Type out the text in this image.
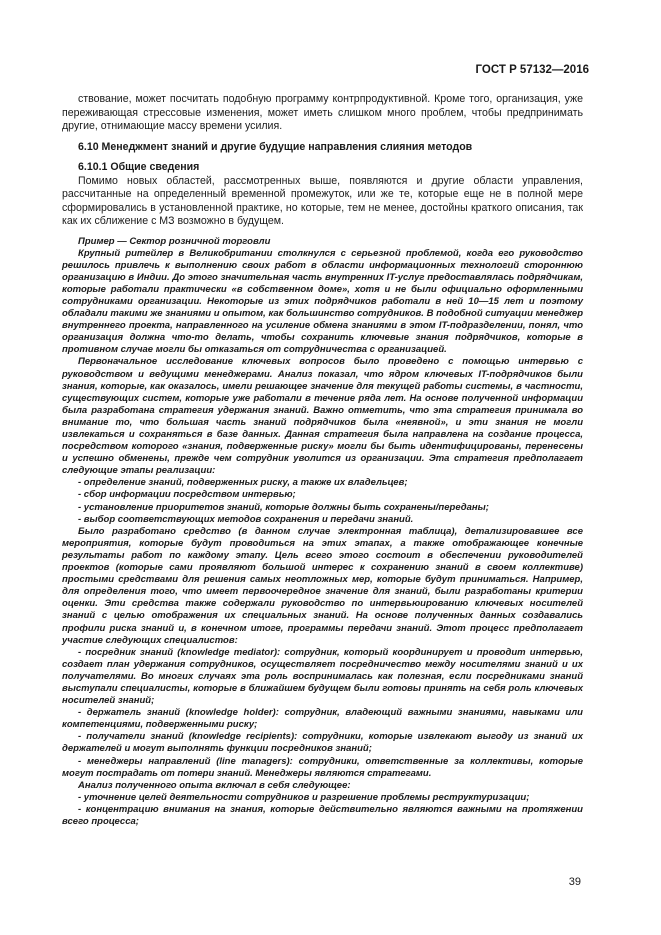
ГОСТ Р 57132—2016

ствование, может посчитать подобную программу контрпродуктивной. Кроме того, организация, уже переживающая стрессовые изменения, может иметь слишком много проблем, чтобы предпринимать другие, отнимающие массу времени усилия.

6.10 Менеджмент знаний и другие будущие направления слияния методов

6.10.1 Общие сведения

Помимо новых областей, рассмотренных выше, появляются и другие области управления, рассчитанные на определенный временной промежуток, или же те, которые еще не в полной мере сформировались в установленной практике, но которые, тем не менее, достойны краткого описания, так как их сближение с МЗ возможно в будущем.

Пример — Сектор розничной торговли

Крупный ритейлер в Великобритании столкнулся с серьезной проблемой, когда его руководство решилось привлечь к выполнению своих работ в области информационных технологий стороннюю организацию в Индии. До этого значительная часть внутренних IT-услуг предоставлялась подрядчикам, которые работали практически «в собственном доме», хотя и не были официально оформленными сотрудниками организации. Некоторые из этих подрядчиков работали в ней 10—15 лет и поэтому обладали такими же знаниями и опытом, как большинство сотрудников. В подобной ситуации менеджер внутреннего проекта, направленного на усиление обмена знаниями в этом IT-подразделении, понял, что организация должна что-то делать, чтобы сохранить ключевые знания подрядчиков, которые в противном случае могли бы отказаться от сотрудничества с организацией.

Первоначальное исследование ключевых вопросов было проведено с помощью интервью с руководством и ведущими менеджерами. Анализ показал, что ядром ключевых IT-подрядчиков были знания, которые, как оказалось, имели решающее значение для текущей работы системы, в частности, существующих систем, которые уже работали в течение ряда лет. На основе полученной информации была разработана стратегия удержания знаний. Важно отметить, что эта стратегия принимала во внимание то, что большая часть знаний подрядчиков была «неявной», и эти знания не могли извлекаться и сохраняться в базе данных. Данная стратегия была направлена на создание процесса, посредством которого «знания, подверженные риску» могли бы быть идентифицированы, перенесены и успешно обменены, прежде чем сотрудник уволится из организации. Эта стратегия предполагает следующие этапы реализации:

- определение знаний, подверженных риску, а также их владельцев;

- сбор информации посредством интервью;

- установление приоритетов знаний, которые должны быть сохранены/переданы;

- выбор соответствующих методов сохранения и передачи знаний.

Было разработано средство (в данном случае электронная таблица), детализировавшее все мероприятия, которые будут проводиться на этих этапах, а также отображающее конечные результаты работ по каждому этапу. Цель всего этого состоит в обеспечении руководителей проектов (которые сами проявляют большой интерес к сохранению знаний в своем коллективе) простыми средствами для решения самых неотложных мер, которые будут приниматься. Например, для определения того, что имеет первоочередное значение для знаний, были разработаны критерии оценки. Эти средства также содержали руководство по интервьюированию ключевых носителей знаний с целью отображения их специальных знаний. На основе полученных данных создавались профили риска знаний и, в конечном итоге, программы передачи знаний. Этот процесс предполагает участие следующих специалистов:

- посредник знаний (knowledge mediator): сотрудник, который координирует и проводит интервью, создает план удержания сотрудников, осуществляет посредничество между носителями знаний и их получателями. Во многих случаях эта роль воспринималась как полезная, если посредниками знаний выступали специалисты, которые в ближайшем будущем были готовы принять на себя роль ключевых носителей знаний;

- держатель знаний (knowledge holder): сотрудник, владеющий важными знаниями, навыками или компетенциями, подверженными риску;

- получатели знаний (knowledge recipients): сотрудники, которые извлекают выгоду из знаний их держателей и могут выполнять функции посредников знаний;

- менеджеры направлений (line managers): сотрудники, ответственные за коллективы, которые могут пострадать от потери знаний. Менеджеры являются стратегами.

Анализ полученного опыта включал в себя следующее:

- уточнение целей деятельности сотрудников и разрешение проблемы реструктуризации;

- концентрацию внимания на знания, которые действительно являются важными на протяжении всего процесса;

39
